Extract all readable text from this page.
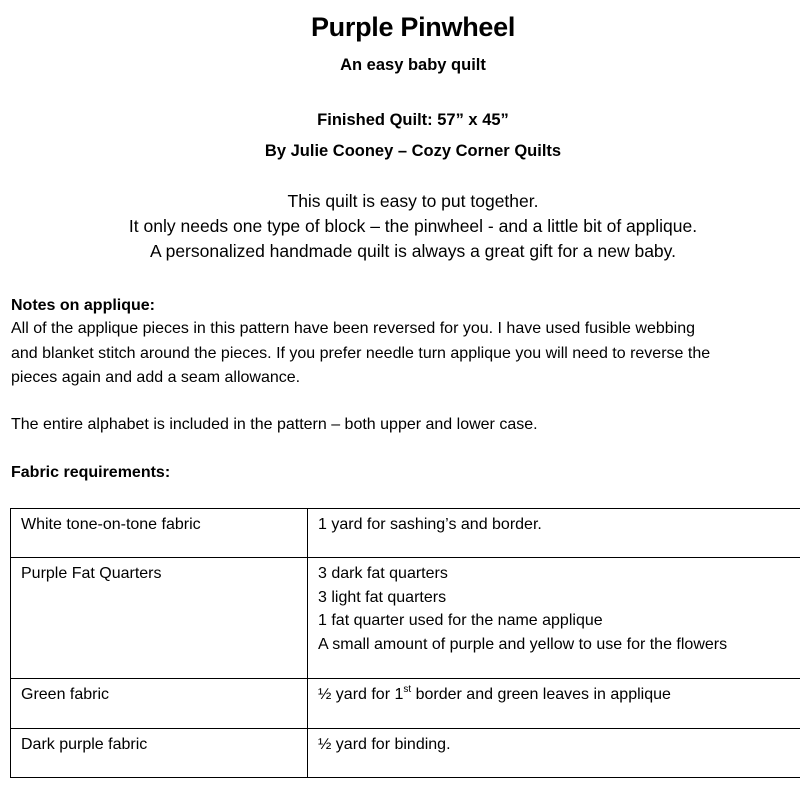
Purple Pinwheel
An easy baby quilt
Finished Quilt: 57” x 45”
By Julie Cooney – Cozy Corner Quilts
This quilt is easy to put together.
It only needs one type of block – the pinwheel - and a little bit of applique.
A personalized handmade quilt is always a great gift for a new baby.
Notes on applique:
All of the applique pieces in this pattern have been reversed for you. I have used fusible webbing
and blanket stitch around the pieces. If you prefer needle turn applique you will need to reverse the
pieces again and add a seam allowance.
The entire alphabet is included in the pattern – both upper and lower case.
Fabric requirements:
White tone-on-tone fabric	1 yard for sashing’s and border.

Purple Fat Quarters	3 dark fat quarters
3 light fat quarters
1 fat quarter used for the name applique
A small amount of purple and yellow to use for the flowers

Green fabric	½ yard for 1st border and green leaves in applique
Dark purple fabric	½ yard for binding.
